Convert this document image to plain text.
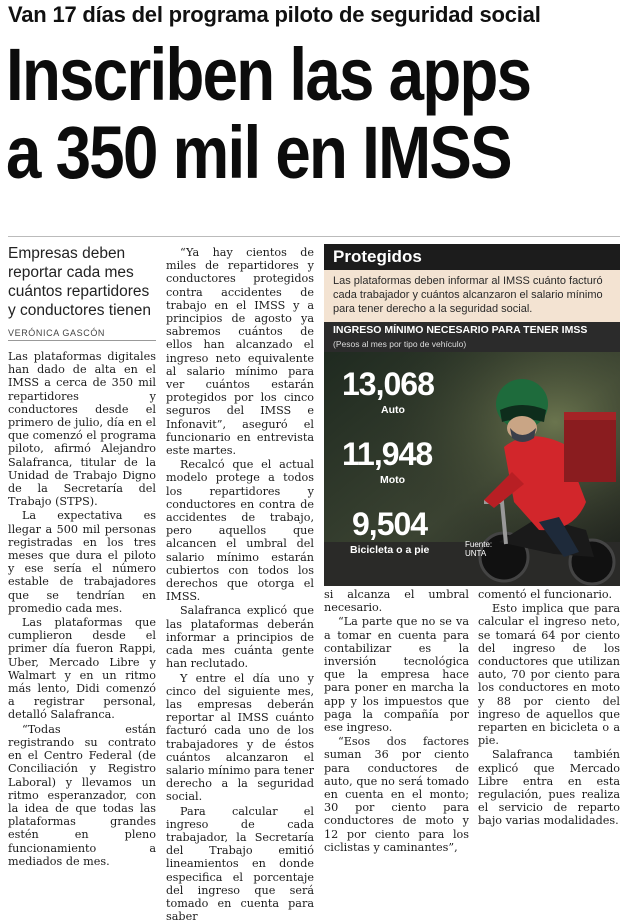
Van 17 días del programa piloto de seguridad social
Inscriben las apps
a 350 mil en IMSS
Empresas deben reportar cada mes cuántos repartidores y conductores tienen
VERÓNICA GASCÓN

Las plataformas digitales han dado de alta en el IMSS a cerca de 350 mil repartidores y conductores desde el primero de julio, día en el que comenzó el programa piloto, afirmó Alejandro Salafranca, titular de la Unidad de Trabajo Digno de la Secretaría del Trabajo (STPS).

La expectativa es llegar a 500 mil personas registradas en los tres meses que dura el piloto y ese sería el número estable de trabajadores que se tendrían en promedio cada mes.

Las plataformas que cumplieron desde el primer día fueron Rappi, Uber, Mercado Libre y Walmart y en un ritmo más lento, Didi comenzó a registrar personal, detalló Salafranca.

“Todas están registrando su contrato en el Centro Federal (de Conciliación y Registro Laboral) y llevamos un ritmo esperanzador, con la idea de que todas las plataformas grandes estén en pleno funcionamiento a mediados de mes.

“Ya hay cientos de miles de repartidores y conductores protegidos contra accidentes de trabajo en el IMSS y a principios de agosto ya sabremos cuántos de ellos han alcanzado el ingreso neto equivalente al salario mínimo para ver cuántos estarán protegidos por los cinco seguros del IMSS e Infonavit”, aseguró el funcionario en entrevista este martes.

Recalcó que el actual modelo protege a todos los repartidores y conductores en contra de accidentes de trabajo, pero aquellos que alcancen el umbral del salario mínimo estarán cubiertos con todos los derechos que otorga el IMSS.

Salafranca explicó que las plataformas deberán informar a principios de cada mes cuánta gente han reclutado.

Y entre el día uno y cinco del siguiente mes, las empresas deberán reportar al IMSS cuánto facturó cada uno de los trabajadores y de éstos cuántos alcanzaron el salario mínimo para tener derecho a la seguridad social.

Para calcular el ingreso de cada trabajador, la Secretaría del Trabajo emitió lineamientos en donde especifica el porcentaje del ingreso que será tomado en cuenta para saber

si alcanza el umbral necesario.

“La parte que no se va a tomar en cuenta para contabilizar es la inversión tecnológica que la empresa hace para poner en marcha la app y los impuestos que paga la compañía por ese ingreso.

“Esos dos factores suman 36 por ciento para conductores de auto, que no será tomado en cuenta en el monto; 30 por ciento para conductores de moto y 12 por ciento para los ciclistas y caminantes”,

comentó el funcionario.

Esto implica que para calcular el ingreso neto, se tomará 64 por ciento del ingreso de los conductores que utilizan auto, 70 por ciento para los conductores en moto y 88 por ciento del ingreso de aquellos que reparten en bicicleta o a pie.

Salafranca también explicó que Mercado Libre entra en esta regulación, pues realiza el servicio de reparto bajo varias modalidades.

Protegidos
Las plataformas deben informar al IMSS cuánto facturó cada trabajador y cuántos alcanzaron el salario mínimo para tener derecho a la seguridad social.
INGRESO MÍNIMO NECESARIO PARA TENER IMSS
(Pesos al mes por tipo de vehículo)
13,068
Auto
11,948
Moto
9,504
Bicicleta o a pie	Fuente:
UNTA
